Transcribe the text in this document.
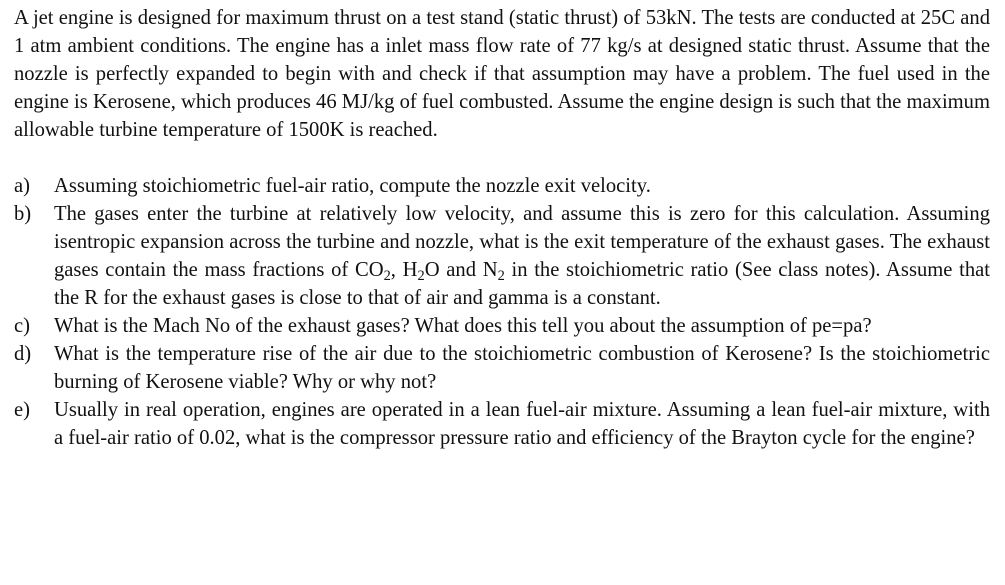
A jet engine is designed for maximum thrust on a test stand (static thrust) of 53kN. The tests are conducted at 25C and 1 atm ambient conditions. The engine has a inlet mass flow rate of 77 kg/s at designed static thrust. Assume that the nozzle is perfectly expanded to begin with and check if that assumption may have a problem. The fuel used in the engine is Kerosene, which produces 46 MJ/kg of fuel combusted. Assume the engine design is such that the maximum allowable turbine temperature of 1500K is reached.

a)	Assuming stoichiometric fuel-air ratio, compute the nozzle exit velocity.
b)	The gases enter the turbine at relatively low velocity, and assume this is zero for this calculation. Assuming isentropic expansion across the turbine and nozzle, what is the exit temperature of the exhaust gases. The exhaust gases contain the mass fractions of $CO_2$, $H_2O$ and $N_2$ in the stoichiometric ratio (See class notes). Assume that the R for the exhaust gases is close to that of air and gamma is a constant.
c)	What is the Mach No of the exhaust gases? What does this tell you about the assumption of pe=pa?
d)	What is the temperature rise of the air due to the stoichiometric combustion of Kerosene? Is the stoichiometric burning of Kerosene viable? Why or why not?
e)	Usually in real operation, engines are operated in a lean fuel-air mixture. Assuming a lean fuel-air mixture, with a fuel-air ratio of 0.02, what is the compressor pressure ratio and efficiency of the Brayton cycle for the engine?
